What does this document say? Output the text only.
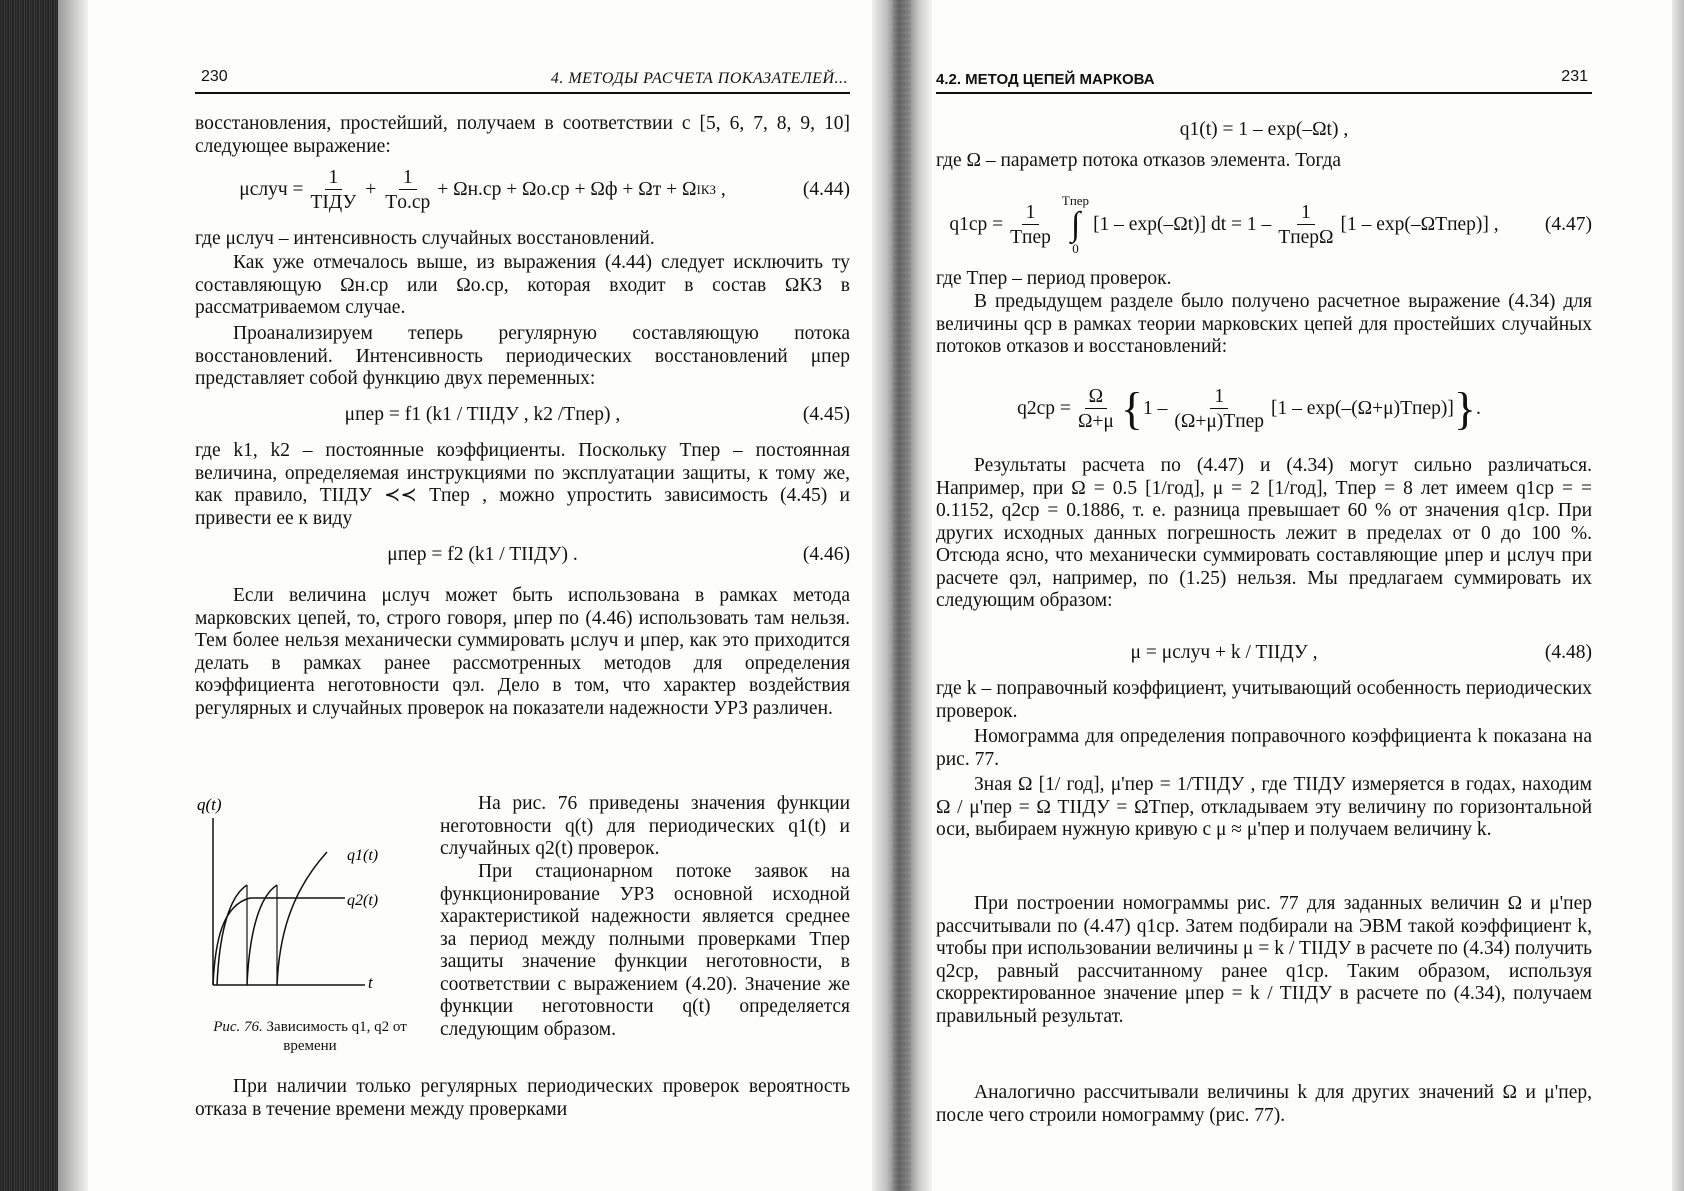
230	4. МЕТОДЫ РАСЧЕТА ПОКАЗАТЕЛЕЙ...
восстановления, простейший, получаем в соответствии с [5, 6, 7, 8, 9, 10] следующее выражение:
μслуч = $\frac{1}{\text{TIДУ}} + \frac{1}{Tо.ср} + \Omega н.ср + \Omega о.ср + \Omega ф + \Omega т + \Omega$ I КЗ ,	(4.44)
где μслуч – интенсивность случайных восстановлений.
Как уже отмечалось выше, из выражения (4.44) следует исключить ту составляющую Ωн.ср или Ωо.ср, которая входит в состав ΩКЗ в рассматриваемом случае.
Проанализируем теперь регулярную составляющую потока восстановлений. Интенсивность периодических восстановлений μпер представляет собой функцию двух переменных:
μпер = f1 (k1 / TIIДУ , k2 /Tпер) ,	(4.45)
где k1, k2 – постоянные коэффициенты. Поскольку Tпер – постоянная величина, определяемая инструкциями по эксплуатации защиты, к тому же, как правило, TIIДУ ≺≺ Tпер , можно упростить зависимость (4.45) и привести ее к виду
μпер = f2 (k1 / TIIДУ) .	(4.46)
Если величина μслуч может быть использована в рамках метода марковских цепей, то, строго говоря, μпер по (4.46) использовать там нельзя. Тем более нельзя механически суммировать μслуч и μпер, как это приходится делать в рамках ранее рассмотренных методов для определения коэффициента неготовности qэл. Дело в том, что характер воздействия регулярных и случайных проверок на показатели надежности УРЗ различен.
q(t)
t
q1(t)
q2(t)
Рис. 76. Зависимость q1, q2 от времени
На рис. 76 приведены значения функции неготовности q(t) для периодических q1(t) и случайных q2(t) проверок.
При стационарном потоке заявок на функционирование УРЗ основной исходной характеристикой надежности является среднее за период между полными проверками Tпер защиты значение функции неготовности, в соответствии с выражением (4.20). Значение же функции неготовности q(t) определяется следующим образом.
При наличии только регулярных периодических проверок вероятность отказа в течение времени между проверками
4.2. МЕТОД ЦЕПЕЙ МАРКОВА	231
q1(t) = 1 – exp(–Ωt) ,
где Ω – параметр потока отказов элемента. Тогда
$q1ср = \frac{1}{\text{Tпер}}$
Tпер
∫
0
[1 – exp(–Ωt)] dt = $1 - \frac{1}{\text{TперΩ}} [1$ – exp(–ΩTпер)] , (4.47)
где Tпер – период проверок.
В предыдущем разделе было получено расчетное выражение (4.34) для величины qср в рамках теории марковских цепей для простейших случайных потоков отказов и восстановлений:
$q2ср = \frac{\Omega}{\Omega+\mu}$ { $1 - \frac{1}{\text{(Ω+μ)Tпер}} [1$ – exp(–(Ω+μ)Tпер)] } .
Результаты расчета по (4.47) и (4.34) могут сильно различаться. Например, при Ω = 0.5 [1/год], μ = 2 [1/год], Tпер = 8 лет имеем q1ср = = 0.1152, q2ср = 0.1886, т. е. разница превышает 60 % от значения q1ср. При других исходных данных погрешность лежит в пределах от 0 до 100 %. Отсюда ясно, что механически суммировать составляющие μпер и μслуч при расчете qэл, например, по (1.25) нельзя. Мы предлагаем суммировать их следующим образом:
μ = μслуч + k / TIIДУ ,	(4.48)
где k – поправочный коэффициент, учитывающий особенность периодических проверок.
Номограмма для определения поправочного коэффициента k показана на рис. 77.
Зная Ω [1/ год], μ'пер = 1/TIIДУ , где TIIДУ измеряется в годах, находим Ω / μ'пер = Ω TIIДУ = ΩTпер, откладываем эту величину по горизонтальной оси, выбираем нужную кривую с μ ≈ μ'пер и получаем величину k.
При построении номограммы рис. 77 для заданных величин Ω и μ'пер рассчитывали по (4.47) q1ср. Затем подбирали на ЭВМ такой коэффициент k, чтобы при использовании величины μ = k / TIIДУ в расчете по (4.34) получить q2ср, равный рассчитанному ранее q1ср. Таким образом, используя скорректированное значение μпер = k / TIIДУ в расчете по (4.34), получаем правильный результат.
Аналогично рассчитывали величины k для других значений Ω и μ'пер, после чего строили номограмму (рис. 77).
